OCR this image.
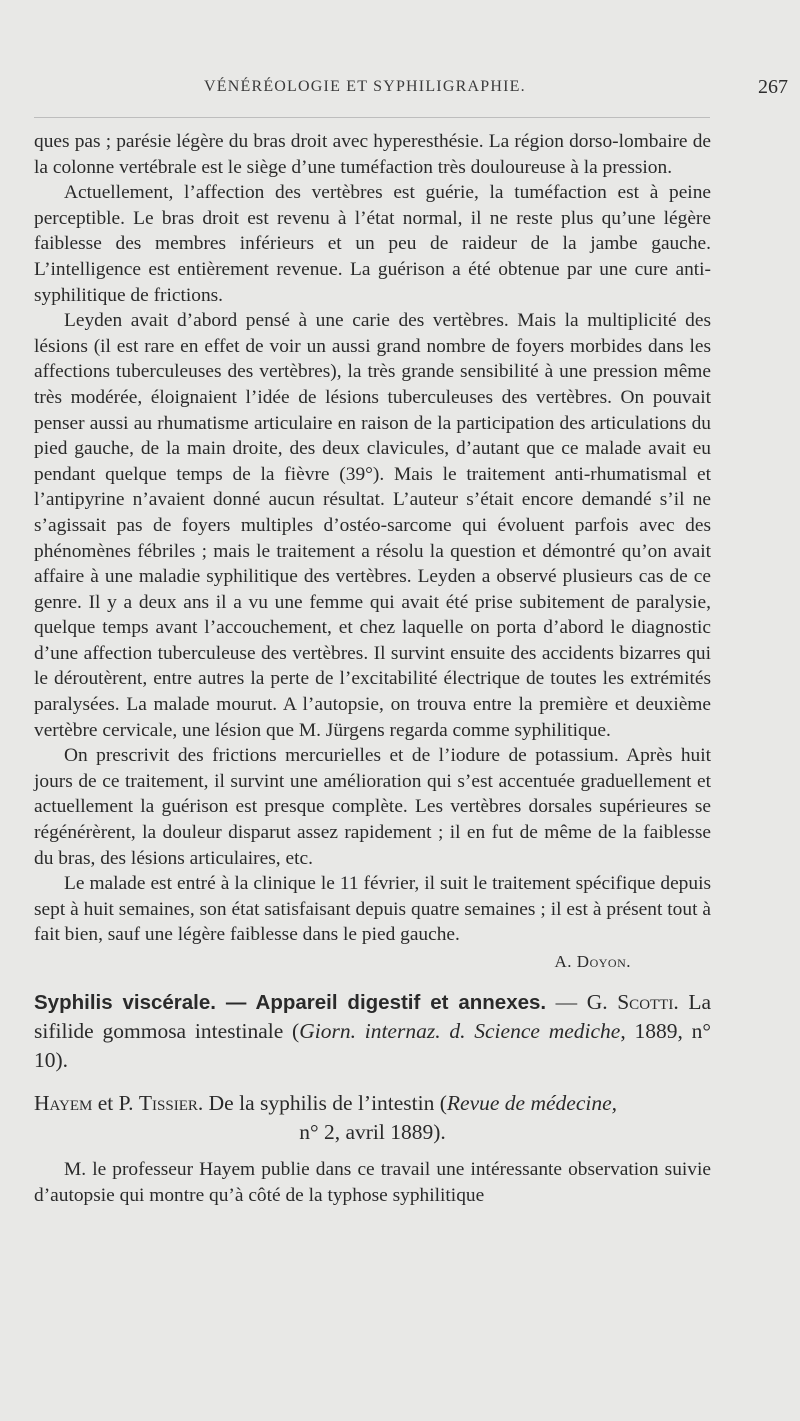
VÉNÉRÉOLOGIE ET SYPHILIGRAPHIE.	267

ques pas ; parésie légère du bras droit avec hyperesthésie. La région dorso-lombaire de la colonne vertébrale est le siège d’une tuméfaction très douloureuse à la pression.

Actuellement, l’affection des vertèbres est guérie, la tuméfaction est à peine perceptible. Le bras droit est revenu à l’état normal, il ne reste plus qu’une légère faiblesse des membres inférieurs et un peu de raideur de la jambe gauche. L’intelligence est entièrement revenue. La guérison a été obtenue par une cure anti-syphilitique de frictions.

Leyden avait d’abord pensé à une carie des vertèbres. Mais la multiplicité des lésions (il est rare en effet de voir un aussi grand nombre de foyers morbides dans les affections tuberculeuses des vertèbres), la très grande sensibilité à une pression même très modérée, éloignaient l’idée de lésions tuberculeuses des vertèbres. On pouvait penser aussi au rhumatisme articulaire en raison de la participation des articulations du pied gauche, de la main droite, des deux clavicules, d’autant que ce malade avait eu pendant quelque temps de la fièvre (39°). Mais le traitement anti-rhumatismal et l’antipyrine n’avaient donné aucun résultat. L’auteur s’était encore demandé s’il ne s’agissait pas de foyers multiples d’ostéo-sarcome qui évoluent parfois avec des phénomènes fébriles ; mais le traitement a résolu la question et démontré qu’on avait affaire à une maladie syphilitique des vertèbres. Leyden a observé plusieurs cas de ce genre. Il y a deux ans il a vu une femme qui avait été prise subitement de paralysie, quelque temps avant l’accouchement, et chez laquelle on porta d’abord le diagnostic d’une affection tuberculeuse des vertèbres. Il survint ensuite des accidents bizarres qui le déroutèrent, entre autres la perte de l’excitabilité électrique de toutes les extrémités paralysées. La malade mourut. A l’autopsie, on trouva entre la première et deuxième vertèbre cervicale, une lésion que M. Jürgens regarda comme syphilitique.

On prescrivit des frictions mercurielles et de l’iodure de potassium. Après huit jours de ce traitement, il survint une amélioration qui s’est accentuée graduellement et actuellement la guérison est presque complète. Les vertèbres dorsales supérieures se régénérèrent, la douleur disparut assez rapidement ; il en fut de même de la faiblesse du bras, des lésions articulaires, etc.

Le malade est entré à la clinique le 11 février, il suit le traitement spécifique depuis sept à huit semaines, son état satisfaisant depuis quatre semaines ; il est à présent tout à fait bien, sauf une légère faiblesse dans le pied gauche.

A. Doyon.

Syphilis viscérale. — Appareil digestif et annexes. — G. Scotti. La sifilide gommosa intestinale (Giorn. internaz. d. Science mediche, 1889, n° 10).

Hayem et P. Tissier. De la syphilis de l’intestin (Revue de médecine,
n° 2, avril 1889).

M. le professeur Hayem publie dans ce travail une intéressante observation suivie d’autopsie qui montre qu’à côté de la typhose syphilitique
